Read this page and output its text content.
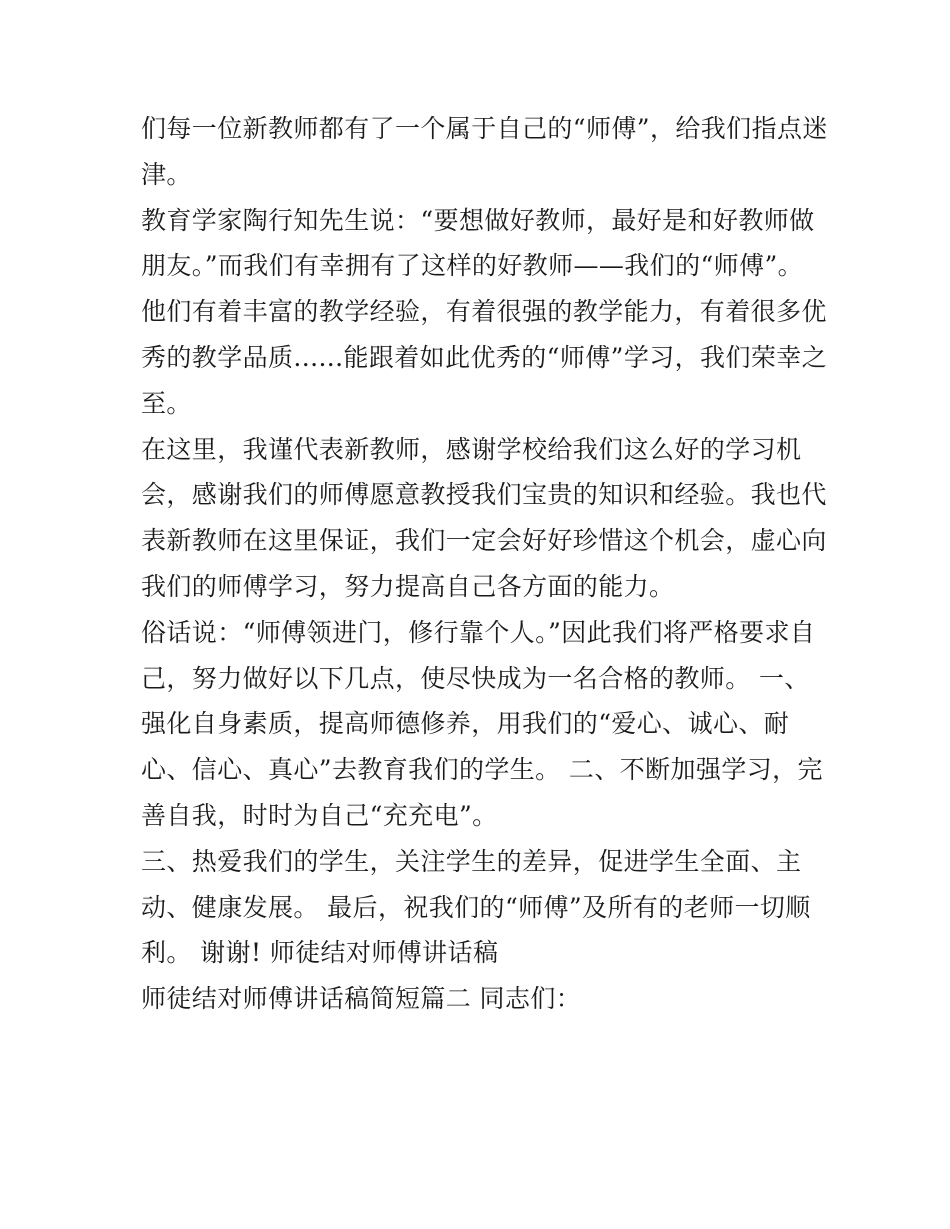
们每一位新教师都有了一个属于自己的“师傅”，给我们指点迷
津。
教育学家陶行知先生说：“要想做好教师，最好是和好教师做
朋友。”而我们有幸拥有了这样的好教师——我们的“师傅”。
他们有着丰富的教学经验，有着很强的教学能力，有着很多优
秀的教学品质......能跟着如此优秀的“师傅”学习，我们荣幸之
至。
在这里，我谨代表新教师，感谢学校给我们这么好的学习机
会，感谢我们的师傅愿意教授我们宝贵的知识和经验。我也代
表新教师在这里保证，我们一定会好好珍惜这个机会，虚心向
我们的师傅学习，努力提高自己各方面的能力。
俗话说：“师傅领进门，修行靠个人。”因此我们将严格要求自
己，努力做好以下几点，使尽快成为一名合格的教师。 一、
强化自身素质，提高师德修养，用我们的“爱心、诚心、耐
心、信心、真心”去教育我们的学生。 二、不断加强学习，完
善自我，时时为自己“充充电”。
三、热爱我们的学生，关注学生的差异，促进学生全面、主
动、健康发展。 最后，祝我们的“师傅”及所有的老师一切顺
利。 谢谢! 师徒结对师傅讲话稿
师徒结对师傅讲话稿简短篇二 同志们：
